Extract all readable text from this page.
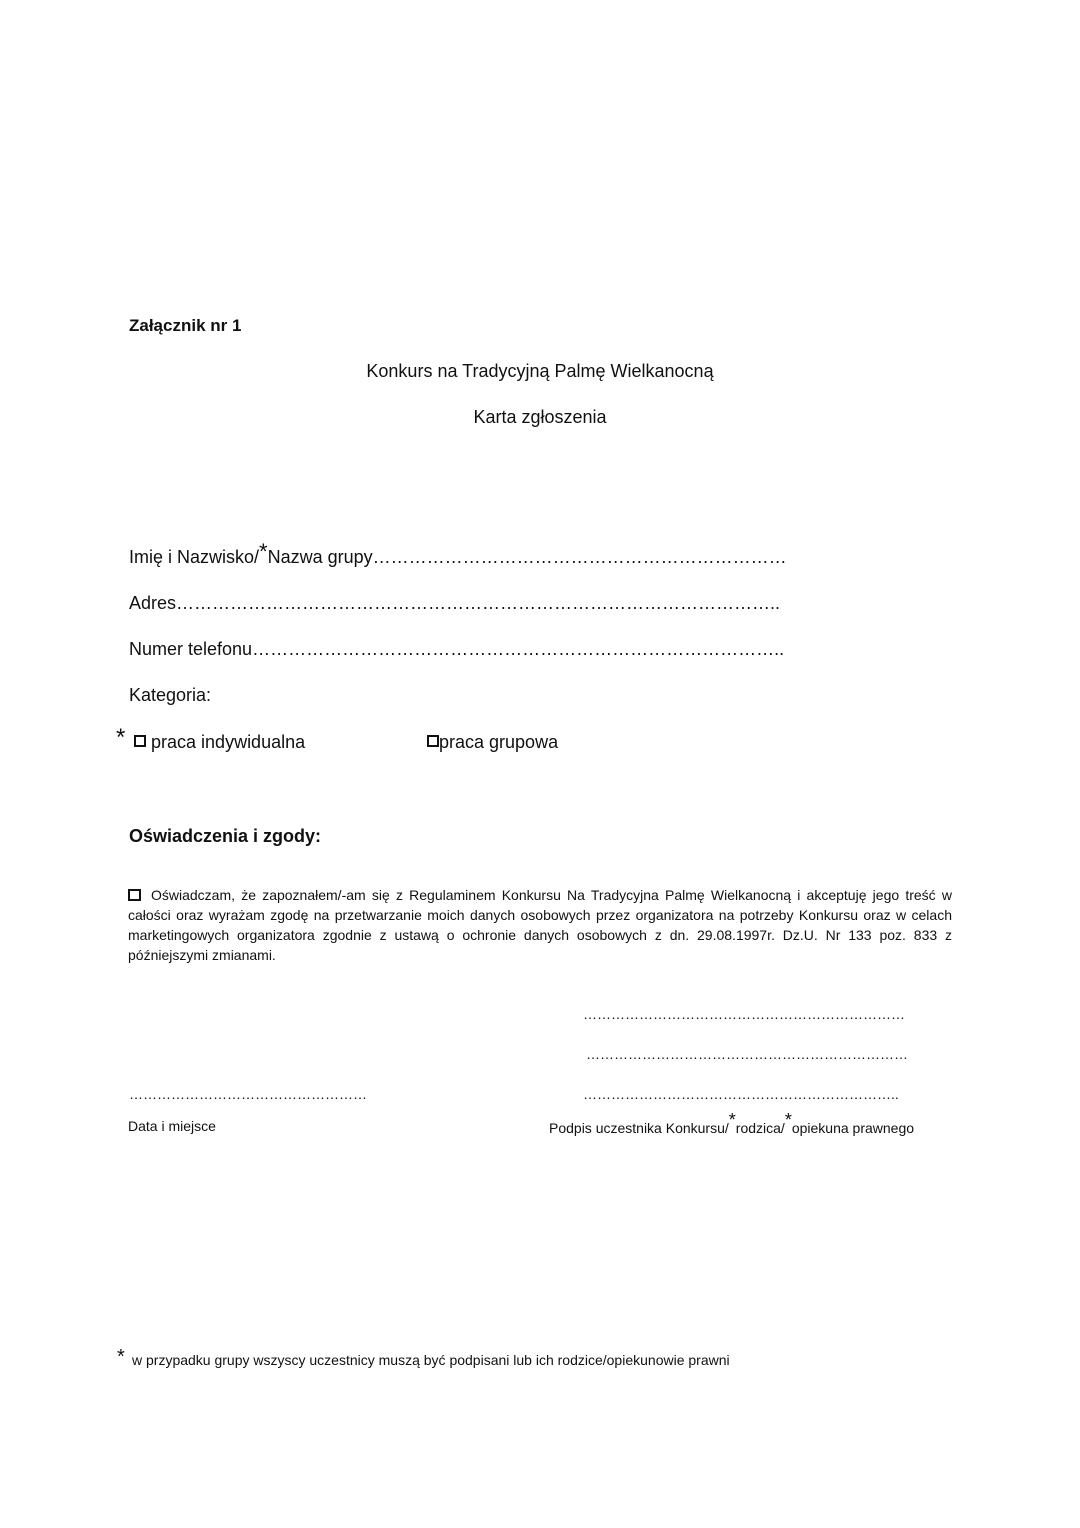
Załącznik nr 1
Konkurs na Tradycyjną Palmę Wielkanocną
Karta zgłoszenia
Imię i Nazwisko/*Nazwa grupy……………………………………………………………
Adres………………………………………………………………………………………..
Numer telefonu……………………………………………………………………………..
Kategoria:
*	praca indywidualna	praca grupowa
Oświadczenia i zgody:
Oświadczam, że zapoznałem/-am się z Regulaminem Konkursu Na Tradycyjna Palmę Wielkanocną i akceptuję jego treść w całości oraz wyrażam zgodę na przetwarzanie moich danych osobowych przez organizatora na potrzeby Konkursu oraz w celach marketingowych organizatora zgodnie z ustawą o ochronie danych osobowych z dn. 29.08.1997r. Dz.U. Nr 133 poz. 833 z późniejszymi zmianami.
……………………………………………………………
……………………………………………………………
……………………………………………	…………………………………………………………..
Data i miejsce	Podpis uczestnika Konkursu/*rodzica/*opiekuna prawnego
* w przypadku grupy wszyscy uczestnicy muszą być podpisani lub ich rodzice/opiekunowie prawni
